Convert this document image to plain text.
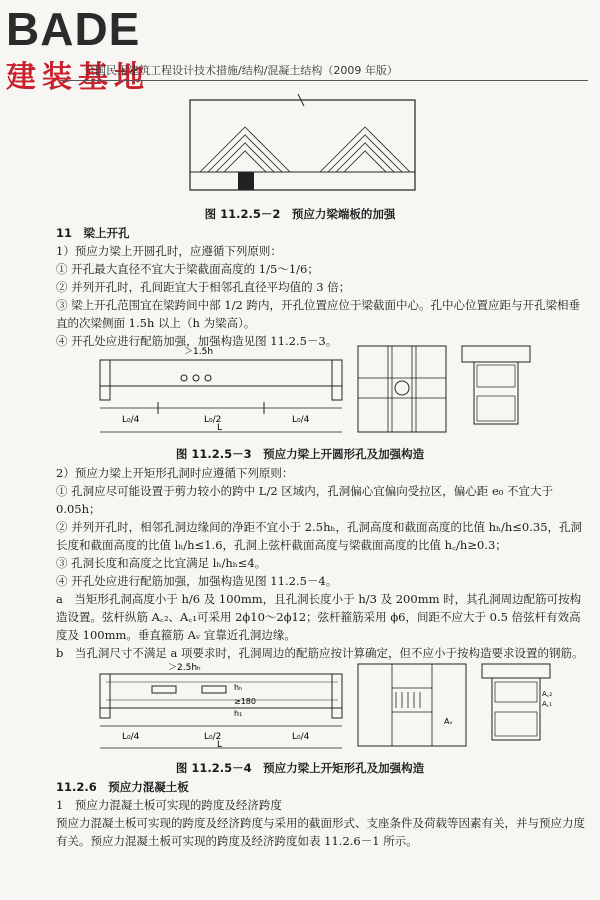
BADE
建装基地
全国民用建筑工程设计技术措施/结构/混凝土结构（2009 年版）
图 11.2.5－2　预应力梁端板的加强
11　梁上开孔
1）预应力梁上开圆孔时，应遵循下列原则：
① 开孔最大直径不宜大于梁截面高度的 1/5～1/6；
② 并列开孔时，孔间距宜大于相邻孔直径平均值的 3 倍；
③ 梁上开孔范围宜在梁跨间中部 1/2 跨内，开孔位置应位于梁截面中心。孔中心位置应距与开孔梁相垂直的次梁侧面 1.5h 以上（h 为梁高）。
④ 开孔处应进行配筋加强，加强构造见图 11.2.5－3。
＞1.5h
L₀/4	L₀/2	L₀/4
L
图 11.2.5－3　预应力梁上开圆形孔及加强构造
2）预应力梁上开矩形孔洞时应遵循下列原则：
① 孔洞应尽可能设置于剪力较小的跨中 L/2 区域内，孔洞偏心宜偏向受拉区，偏心距 e₀ 不宜大于 0.05h；
② 并列开孔时，相邻孔洞边缘间的净距不宜小于 2.5hₕ，孔洞高度和截面高度的比值 hₕ/h≤0.35，孔洞长度和截面高度的比值 lₕ/h≤1.6，孔洞上弦杆截面高度与梁截面高度的比值 h꜀/h≥0.3；
③ 孔洞长度和高度之比宜满足 lₕ/hₕ≤4。
④ 开孔处应进行配筋加强，加强构造见图 11.2.5－4。
a　当矩形孔洞高度小于 h/6 及 100mm，且孔洞长度小于 h/3 及 200mm 时，其孔洞周边配筋可按构造设置。弦杆纵筋 A꜀₂、A꜀₁可采用 2ϕ10～2ϕ12；弦杆箍筋采用 ϕ6，间距不应大于 0.5 倍弦杆有效高度及 100mm。垂直箍筋 Aᵥ 宜靠近孔洞边缘。
b　当孔洞尺寸不满足 a 项要求时，孔洞周边的配筋应按计算确定，但不应小于按构造要求设置的钢筋。
＞2.5hₕ
hₕ
≥180
h₁
L₀/4	L₀/2	L₀/4
L
Aᵥ
A꜀₂
A꜀₁
图 11.2.5－4　预应力梁上开矩形孔及加强构造
11.2.6　预应力混凝土板
1　预应力混凝土板可实现的跨度及经济跨度
预应力混凝土板可实现的跨度及经济跨度与采用的截面形式、支座条件及荷载等因素有关，并与预应力度有关。预应力混凝土板可实现的跨度及经济跨度如表 11.2.6－1 所示。
